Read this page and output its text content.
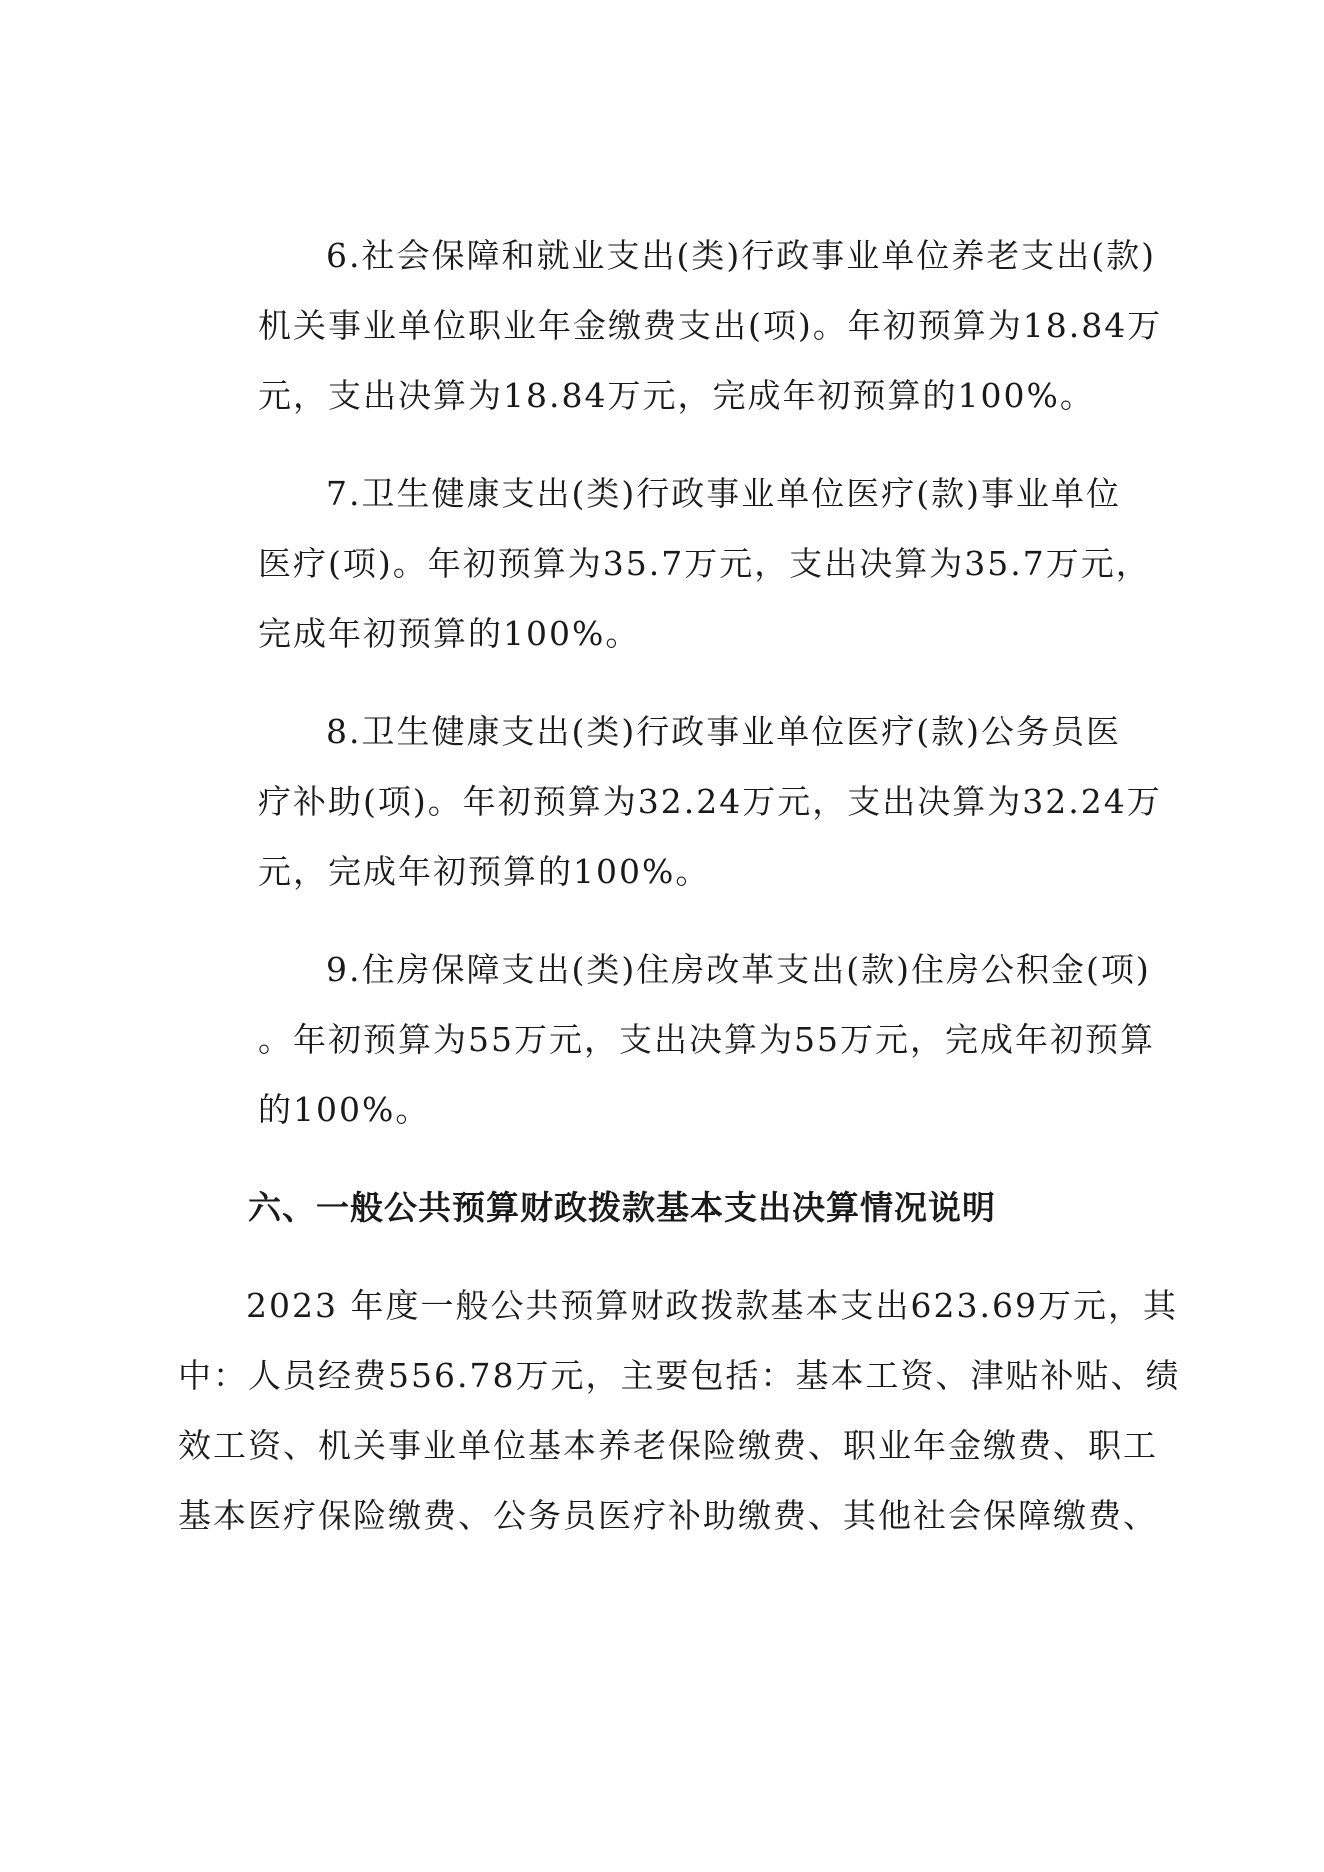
6.社会保障和就业支出(类)行政事业单位养老支出(款)
机关事业单位职业年金缴费支出(项)。年初预算为18.84万
元，支出决算为18.84万元，完成年初预算的100%。
7.卫生健康支出(类)行政事业单位医疗(款)事业单位
医疗(项)。年初预算为35.7万元，支出决算为35.7万元，
完成年初预算的100%。
8.卫生健康支出(类)行政事业单位医疗(款)公务员医
疗补助(项)。年初预算为32.24万元，支出决算为32.24万
元，完成年初预算的100%。
9.住房保障支出(类)住房改革支出(款)住房公积金(项)
。年初预算为55万元，支出决算为55万元，完成年初预算
的100%。
六、一般公共预算财政拨款基本支出决算情况说明
2023 年度一般公共预算财政拨款基本支出623.69万元，其
中：人员经费556.78万元，主要包括：基本工资、津贴补贴、绩
效工资、机关事业单位基本养老保险缴费、职业年金缴费、职工
基本医疗保险缴费、公务员医疗补助缴费、其他社会保障缴费、
